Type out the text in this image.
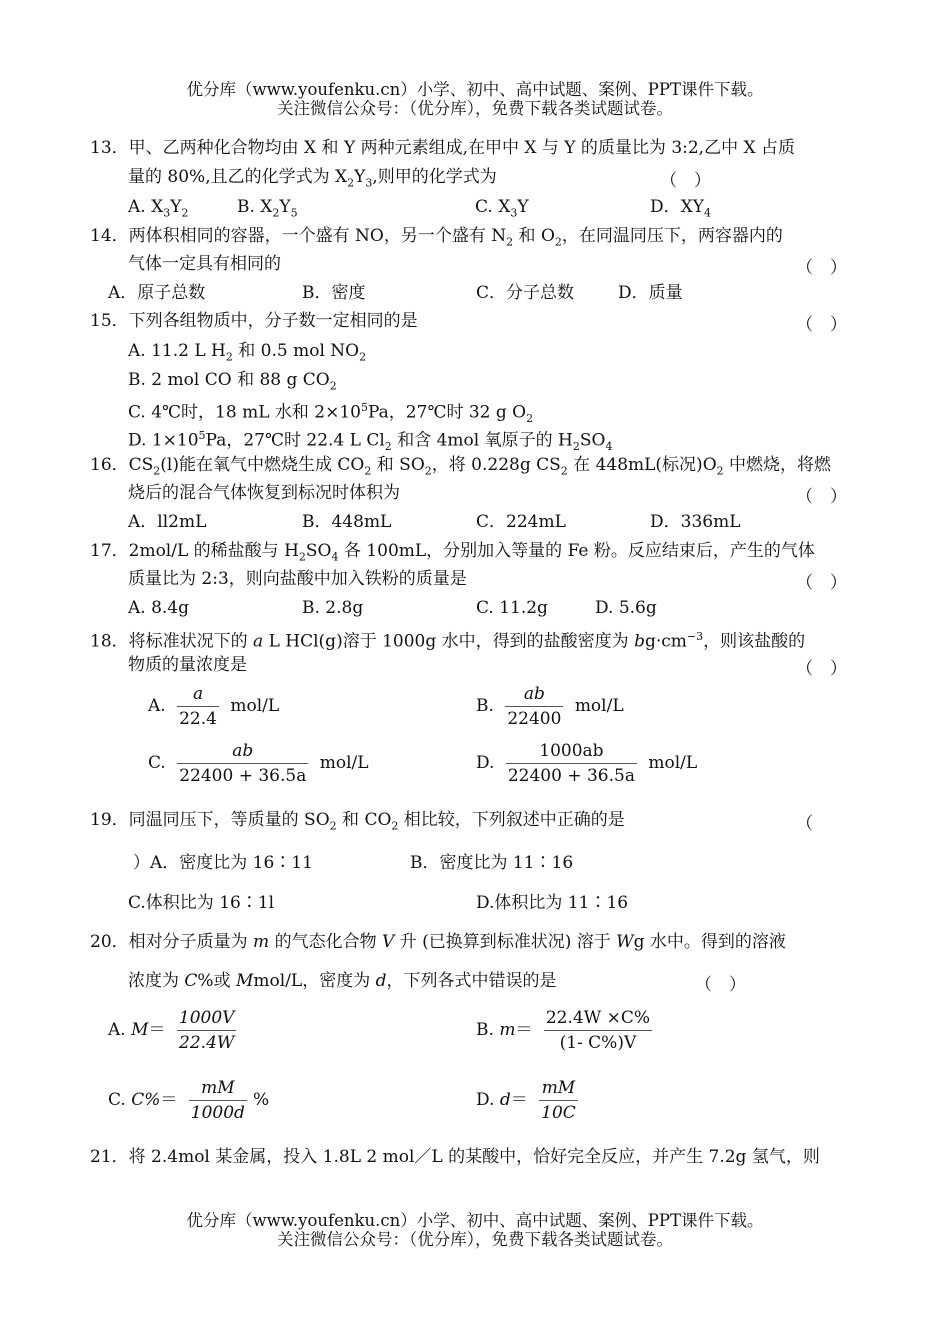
优分库（www.youfenku.cn）小学、初中、高中试题、案例、PPT课件下载。
关注微信公众号：（优分库），免费下载各类试题试卷。
13．甲、乙两种化合物均由 X 和 Y 两种元素组成,在甲中 X 与 Y 的质量比为 3:2,乙中 X 占质
量的 80%,且乙的化学式为 $X_2Y_3$,则甲的化学式为	（　）
A. $X_3Y_2$	B. $X_2Y_5$	C. $X_3Y$	D．$XY_4$
14．两体积相同的容器，一个盛有 NO，另一个盛有 $N_2$ 和 $O_2$，在同温同压下，两容器内的
气体一定具有相同的	（　）
A．原子总数	B．密度	C．分子总数	D．质量
15．下列各组物质中，分子数一定相同的是	（　）
A. 11.2 L $H_2$ 和 0.5 mol $NO_2$
B. 2 mol CO 和 88 g $CO_2$
C. 4℃时，18 mL 水和 $2\times 10^5Pa$，27℃时 32 g $O_2$
D. $1\times 10^5Pa$，27℃时 22.4 L $Cl_2$ 和含 4mol 氧原子的 $H_2SO_4$
16．$CS_2(l)$能在氧气中燃烧生成 $CO_2$ 和 $SO_2$，将 0.228g $CS_2$ 在 448mL(标况)$O_2$ 中燃烧，将燃
烧后的混合气体恢复到标况时体积为	（　）
A．ll2mL	B．448mL	C．224mL	D．336mL
17．2mol/L 的稀盐酸与 $H_2SO_4$ 各 100mL，分别加入等量的 Fe 粉。反应结束后，产生的气体
质量比为 2:3，则向盐酸中加入铁粉的质量是	（　）
A. 8.4g	B. 2.8g	C. 11.2g	D. 5.6g
18．将标准状况下的 a L HCl(g)溶于 1000g 水中，得到的盐酸密度为 $bg\cdot cm^{-3}$，则该盐酸的
物质的量浓度是	（　）
A. $\frac{a}{22.4} mol/L$	B. $\frac{ab}{22400} mol/L$
C. $\frac{ab}{22400 + 36.5a} mol/L$	D. $\frac{1000ab}{22400 + 36.5a} mol/L$
19．同温同压下，等质量的 $SO_2$ 和 $CO_2$ 相比较，下列叙述中正确的是	（
）A．密度比为 16∶11	B．密度比为 11∶16
C.体积比为 16∶1l	D.体积比为 11∶16
20．相对分子质量为 m 的气态化合物 V 升 (已换算到标准状况) 溶于 Wg 水中。得到的溶液
浓度为 C%或 Mmol/L，密度为 d，下列各式中错误的是	（　）
A. $M= \frac{1000V}{22.4W}$	B. $m= \frac{22.4W \times C\%}{(1- C\%)V}$
C. $C\%= \frac{mM}{1000d}$ %	D. $d= \frac{mM}{10C}$
21．将 2.4mol 某金属，投入 1.8L 2 mol／L 的某酸中，恰好完全反应，并产生 7.2g 氢气，则
优分库（www.youfenku.cn）小学、初中、高中试题、案例、PPT课件下载。
关注微信公众号：（优分库），免费下载各类试题试卷。
